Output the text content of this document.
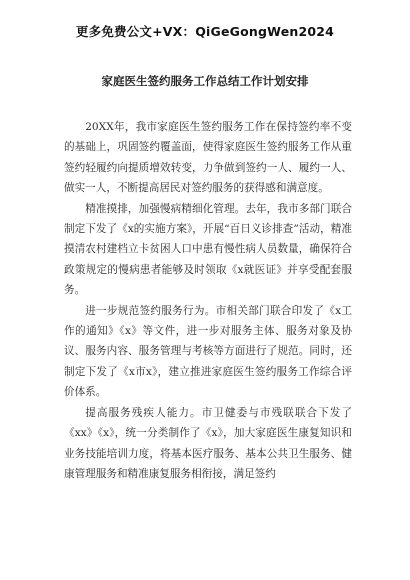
更多免费公文+VX：QiGeGongWen2024
家庭医生签约服务工作总结工作计划安排

20XX年，我市家庭医生签约服务工作在保持签约率不变的基础上，巩固签约覆盖面，使得家庭医生签约服务工作从重签约轻履约向提质增效转变，力争做到签约一人、履约一人、做实一人，不断提高居民对签约服务的获得感和满意度。

精准摸排，加强慢病精细化管理。去年，我市多部门联合制定下发了《x的实施方案》，开展“百日义诊排查”活动，精准摸清农村建档立卡贫困人口中患有慢性病人员数量，确保符合政策规定的慢病患者能够及时领取《x就医证》并享受配套服务。

进一步规范签约服务行为。市相关部门联合印发了《x工作的通知》《x》等文件，进一步对服务主体、服务对象及协议、服务内容、服务管理与考核等方面进行了规范。同时，还制定下发了《x市x》，建立推进家庭医生签约服务工作综合评价体系。

提高服务残疾人能力。市卫健委与市残联联合下发了《xx》《x》，统一分类制作了《x》，加大家庭医生康复知识和业务技能培训力度，将基本医疗服务、基本公共卫生服务、健康管理服务和精准康复服务相衔接，满足签约
